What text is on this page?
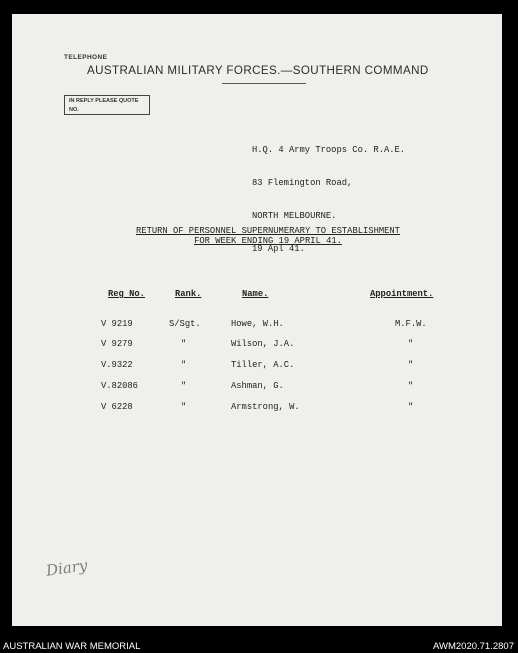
TELEPHONE
AUSTRALIAN MILITARY FORCES.—SOUTHERN COMMAND
IN REPLY PLEASE QUOTE
NO.

H.Q. 4 Army Troops Co. R.A.E.

83 Flemington Road,

NORTH MELBOURNE.

19 Apl 41.

RETURN OF PERSONNEL SUPERNUMERARY TO ESTABLISHMENT
FOR WEEK ENDING 19 APRIL 41.
Reg No.	Rank.	Name.	Appointment.
V 9219	S/Sgt.	Howe, W.H.	M.F.W.
V 9279	"	Wilson, J.A.	"
V.9322	"	Tiller, A.C.	"
V.82086	"	Ashman, G.	"
V 6228	"	Armstrong, W.	"
Diary
AUSTRALIAN WAR MEMORIAL	AWM2020.71.2807
